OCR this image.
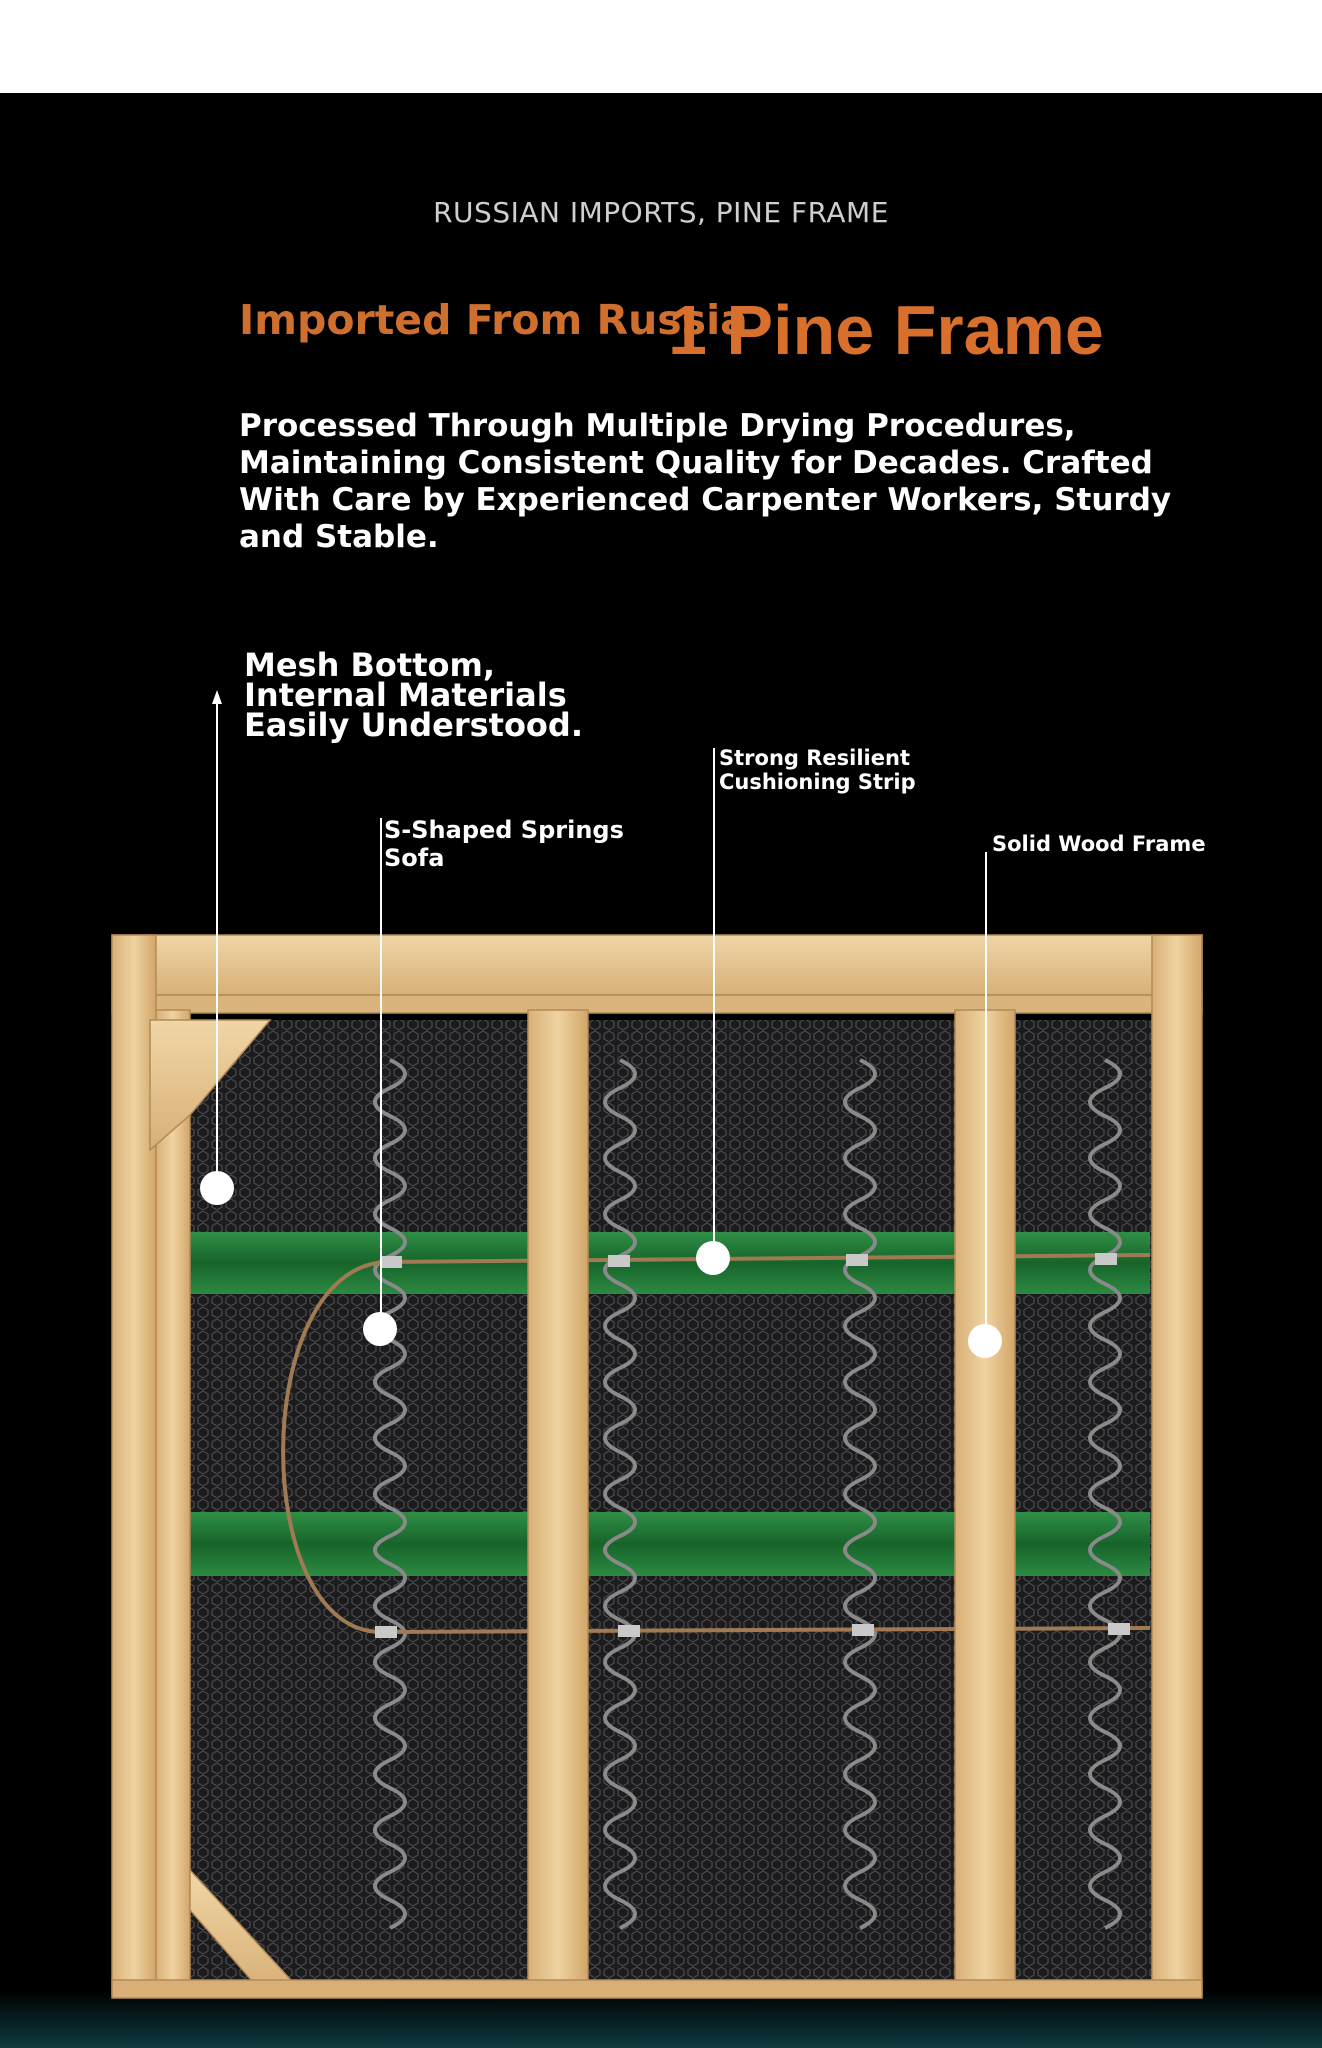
RUSSIAN IMPORTS, PINE FRAME
Imported From Russia
1 Pine Frame
Processed Through Multiple Drying Procedures, Maintaining Consistent Quality for Decades. Crafted With Care by Experienced Carpenter Workers, Sturdy and Stable.
Mesh Bottom,
Internal Materials
Easily Understood.
Strong Resilient
Cushioning Strip
S-Shaped Springs
Sofa	Solid Wood Frame
